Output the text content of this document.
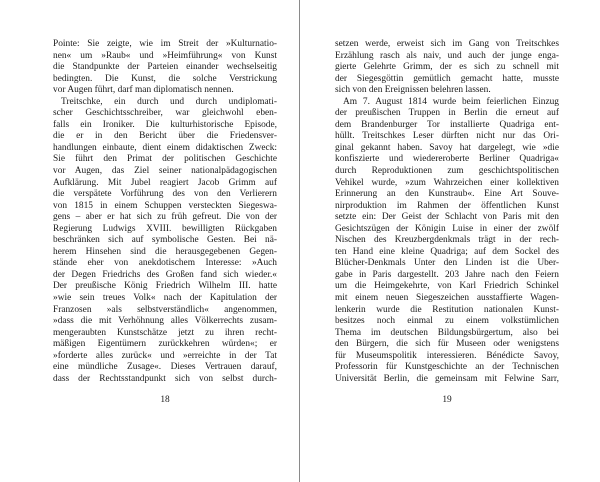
Pointe: Sie zeigte, wie im Streit der »Kulturnatio-
nen« um »Raub« und »Heimführung« von Kunst
die Standpunkte der Parteien einander wechselseitig
bedingten. Die Kunst, die solche Verstrickung
vor Augen führt, darf man diplomatisch nennen.
Treitschke, ein durch und durch undiplomati-
scher Geschichtsschreiber, war gleichwohl eben-
falls ein Ironiker. Die kulturhistorische Episode,
die er in den Bericht über die Friedensver-
handlungen einbaute, dient einem didaktischen Zweck:
Sie führt den Primat der politischen Geschichte
vor Augen, das Ziel seiner nationalpädagogischen
Aufklärung. Mit Jubel reagiert Jacob Grimm auf
die verspätete Vorführung des von den Verlierern
von 1815 in einem Schuppen versteckten Siegeswa-
gens – aber er hat sich zu früh gefreut. Die von der
Regierung Ludwigs XVIII. bewilligten Rückgaben
beschränken sich auf symbolische Gesten. Bei nä-
herem Hinsehen sind die herausgegebenen Gegen-
stände eher von anekdotischem Interesse: »Auch
der Degen Friedrichs des Großen fand sich wieder.«
Der preußische König Friedrich Wilhelm III. hatte
»wie sein treues Volk« nach der Kapitulation der
Franzosen »als selbstverständlich« angenommen,
»dass die mit Verhöhnung alles Völkerrechts zusam-
mengeraubten Kunstschätze jetzt zu ihren recht-
mäßigen Eigentümern zurückkehren würden«; er
»forderte alles zurück« und »erreichte in der Tat
eine mündliche Zusage«. Dieses Vertrauen darauf,
dass der Rechtsstandpunkt sich von selbst durch-
18
setzen werde, erweist sich im Gang von Treitschkes
Erzählung rasch als naiv, und auch der junge enga-
gierte Gelehrte Grimm, der es sich zu schnell mit
der Siegesgöttin gemütlich gemacht hatte, musste
sich von den Ereignissen belehren lassen.
Am 7. August 1814 wurde beim feierlichen Einzug
der preußischen Truppen in Berlin die erneut auf
dem Brandenburger Tor installierte Quadriga ent-
hüllt. Treitschkes Leser dürften nicht nur das Ori-
ginal gekannt haben. Savoy hat dargelegt, wie »die
konfiszierte und wiedereroberte Berliner Quadriga«
durch Reproduktionen zum geschichtspolitischen
Vehikel wurde, »zum Wahrzeichen einer kollektiven
Erinnerung an den Kunstraub«. Eine Art Souve-
nirproduktion im Rahmen der öffentlichen Kunst
setzte ein: Der Geist der Schlacht von Paris mit den
Gesichtszügen der Königin Luise in einer der zwölf
Nischen des Kreuzbergdenkmals trägt in der rech-
ten Hand eine kleine Quadriga; auf dem Sockel des
Blücher-Denkmals Unter den Linden ist die Über-
gabe in Paris dargestellt. 203 Jahre nach den Feiern
um die Heimgekehrte, von Karl Friedrich Schinkel
mit einem neuen Siegeszeichen ausstaffierte Wagen-
lenkerin wurde die Restitution nationalen Kunst-
besitzes noch einmal zu einem volkstümlichen
Thema im deutschen Bildungsbürgertum, also bei
den Bürgern, die sich für Museen oder wenigstens
für Museumspolitik interessieren. Bénédicte Savoy,
Professorin für Kunstgeschichte an der Technischen
Universität Berlin, die gemeinsam mit Felwine Sarr,
19
